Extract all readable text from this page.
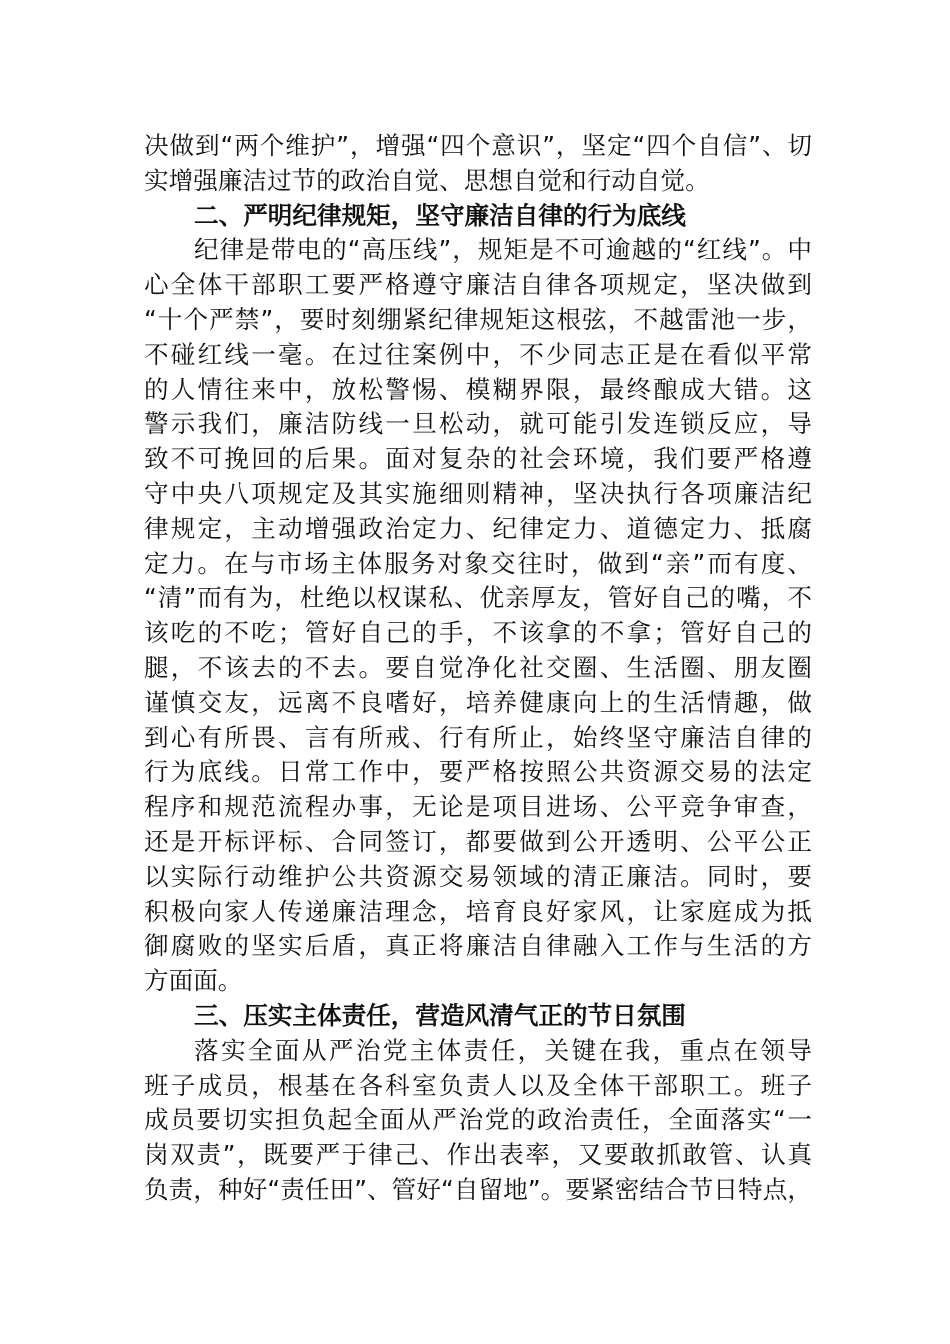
决做到“两个维护”，增强“四个意识”，坚定“四个自信”、切
实增强廉洁过节的政治自觉、思想自觉和行动自觉。
二、严明纪律规矩，坚守廉洁自律的行为底线
纪律是带电的“高压线”，规矩是不可逾越的“红线”。中
心全体干部职工要严格遵守廉洁自律各项规定，坚决做到
“十个严禁”，要时刻绷紧纪律规矩这根弦，不越雷池一步，
不碰红线一毫。在过往案例中，不少同志正是在看似平常
的人情往来中，放松警惕、模糊界限，最终酿成大错。这
警示我们，廉洁防线一旦松动，就可能引发连锁反应，导
致不可挽回的后果。面对复杂的社会环境，我们要严格遵
守中央八项规定及其实施细则精神，坚决执行各项廉洁纪
律规定，主动增强政治定力、纪律定力、道德定力、抵腐
定力。在与市场主体服务对象交往时，做到“亲”而有度、
“清”而有为，杜绝以权谋私、优亲厚友，管好自己的嘴，不
该吃的不吃；管好自己的手，不该拿的不拿；管好自己的
腿，不该去的不去。要自觉净化社交圈、生活圈、朋友圈
谨慎交友，远离不良嗜好，培养健康向上的生活情趣，做
到心有所畏、言有所戒、行有所止，始终坚守廉洁自律的
行为底线。日常工作中，要严格按照公共资源交易的法定
程序和规范流程办事，无论是项目进场、公平竞争审查，
还是开标评标、合同签订，都要做到公开透明、公平公正
以实际行动维护公共资源交易领域的清正廉洁。同时，要
积极向家人传递廉洁理念，培育良好家风，让家庭成为抵
御腐败的坚实后盾，真正将廉洁自律融入工作与生活的方
方面面。
三、压实主体责任，营造风清气正的节日氛围
落实全面从严治党主体责任，关键在我，重点在领导
班子成员，根基在各科室负责人以及全体干部职工。班子
成员要切实担负起全面从严治党的政治责任，全面落实“一
岗双责”，既要严于律己、作出表率，又要敢抓敢管、认真
负责，种好“责任田”、管好“自留地”。要紧密结合节日特点，
